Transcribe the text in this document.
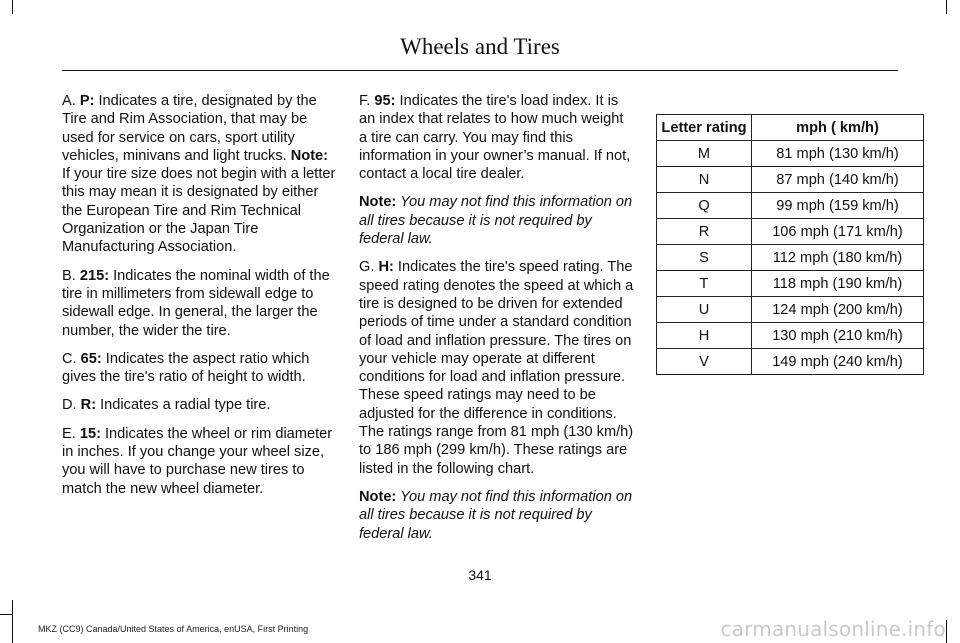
Wheels and Tires

A. P: Indicates a tire, designated by the Tire and Rim Association, that may be used for service on cars, sport utility vehicles, minivans and light trucks. Note: If your tire size does not begin with a letter this may mean it is designated by either the European Tire and Rim Technical Organization or the Japan Tire Manufacturing Association.

B. 215: Indicates the nominal width of the tire in millimeters from sidewall edge to sidewall edge. In general, the larger the number, the wider the tire.

C. 65: Indicates the aspect ratio which gives the tire's ratio of height to width.

D. R: Indicates a radial type tire.

E. 15: Indicates the wheel or rim diameter in inches. If you change your wheel size, you will have to purchase new tires to match the new wheel diameter.

F. 95: Indicates the tire's load index. It is an index that relates to how much weight a tire can carry. You may find this information in your owner’s manual. If not, contact a local tire dealer.

Note: You may not find this information on all tires because it is not required by federal law.

G. H: Indicates the tire's speed rating. The speed rating denotes the speed at which a tire is designed to be driven for extended periods of time under a standard condition of load and inflation pressure. The tires on your vehicle may operate at different conditions for load and inflation pressure. These speed ratings may need to be adjusted for the difference in conditions. The ratings range from 81 mph (130 km/h) to 186 mph (299 km/h). These ratings are listed in the following chart.

Note: You may not find this information on all tires because it is not required by federal law.

Letter rating	mph ( km/h)
M	81 mph (130 km/h)
N	87 mph (140 km/h)
Q	99 mph (159 km/h)
R	106 mph (171 km/h)
S	112 mph (180 km/h)
T	118 mph (190 km/h)
U	124 mph (200 km/h)
H	130 mph (210 km/h)
V	149 mph (240 km/h)
341
MKZ (CC9) Canada/United States of America, enUSA, First Printing	carmanualsonline.info
